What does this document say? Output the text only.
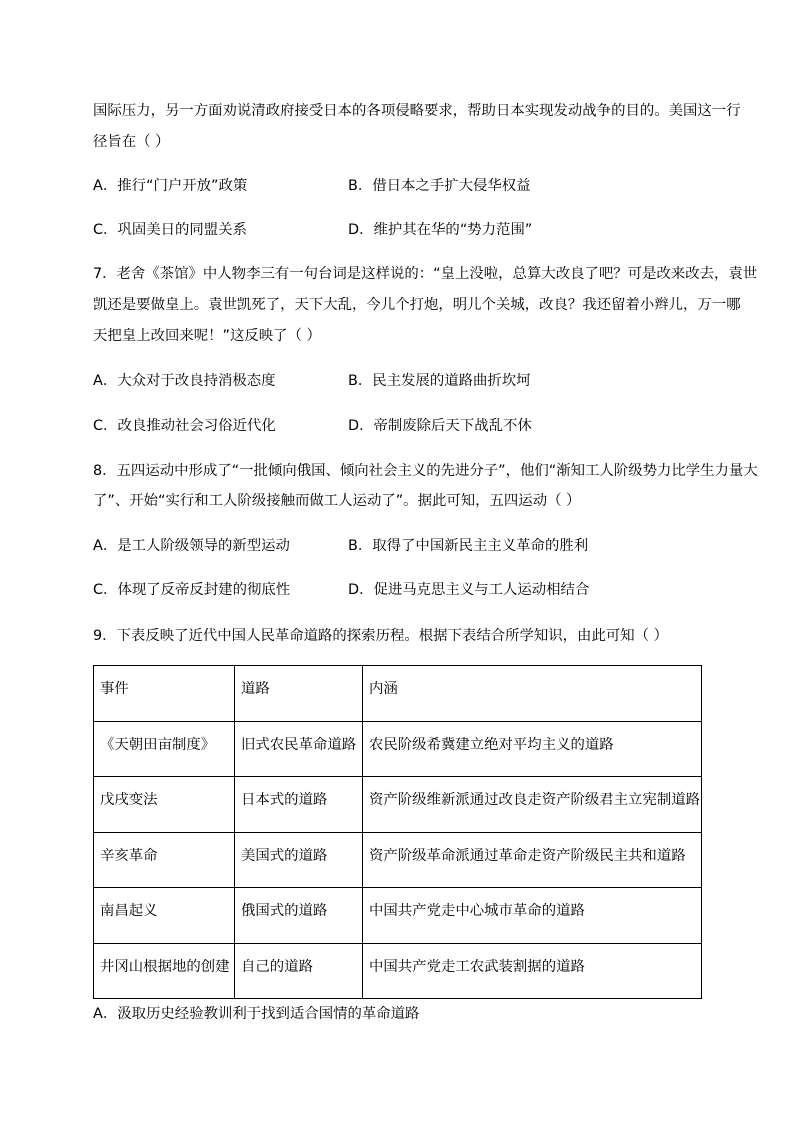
国际压力，另一方面劝说清政府接受日本的各项侵略要求，帮助日本实现发动战争的目的。美国这一行
径旨在（ ）
A．推行“门户开放”政策	B．借日本之手扩大侵华权益
C．巩固美日的同盟关系	D．维护其在华的“势力范围”
7．老舍《茶馆》中人物李三有一句台词是这样说的：“皇上没啦，总算大改良了吧？可是改来改去，袁世
凯还是要做皇上。袁世凯死了，天下大乱，今儿个打炮，明儿个关城，改良？我还留着小辫儿，万一哪
天把皇上改回来呢！”这反映了（ ）
A．大众对于改良持消极态度	B．民主发展的道路曲折坎坷
C．改良推动社会习俗近代化	D．帝制废除后天下战乱不休
8．五四运动中形成了“一批倾向俄国、倾向社会主义的先进分子”，他们“渐知工人阶级势力比学生力量大
了”、开始“实行和工人阶级接触而做工人运动了”。据此可知，五四运动（ ）
A．是工人阶级领导的新型运动	B．取得了中国新民主主义革命的胜利
C．体现了反帝反封建的彻底性	D．促进马克思主义与工人运动相结合
9．下表反映了近代中国人民革命道路的探索历程。根据下表结合所学知识，由此可知（ ）
事件	道路	内涵
《天朝田亩制度》	旧式农民革命道路	农民阶级希冀建立绝对平均主义的道路
戊戌变法	日本式的道路	资产阶级维新派通过改良走资产阶级君主立宪制道路
辛亥革命	美国式的道路	资产阶级革命派通过革命走资产阶级民主共和道路
南昌起义	俄国式的道路	中国共产党走中心城市革命的道路
井冈山根据地的创建	自己的道路	中国共产党走工农武装割据的道路
A．汲取历史经验教训利于找到适合国情的革命道路
